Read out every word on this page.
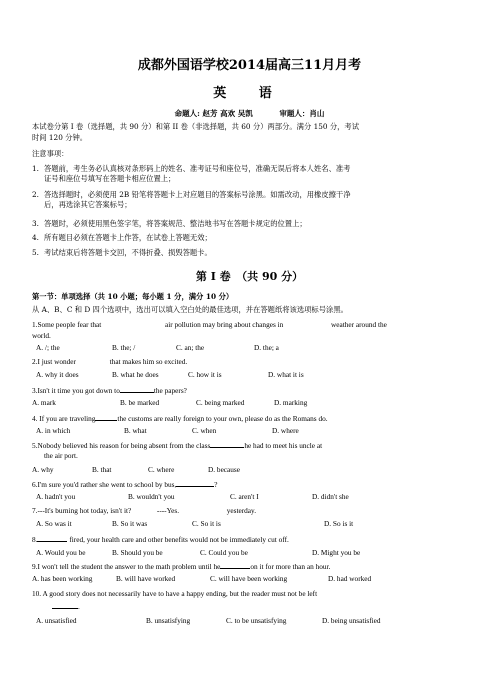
成都外国语学校2014届高三11月月考
英 语
命题人: 赵芳 高欢 吴凯	审题人：肖山
本试卷分第 I 卷（选择题，共 90 分）和第 II 卷（非选择题，共 60 分）两部分。满分 150 分，考试
时间 120 分钟。
注意事项：
1. 答题前，考生务必认真核对条形码上的姓名、准考证号和座位号，准确无误后将本人姓名、准考
证号和座位号填写在答题卡相应位置上；
2. 答选择题时，必须使用 2B 铅笔将答题卡上对应题目的答案标号涂黑。如需改动，用橡皮擦干净
后，再选涂其它答案标号；
3. 答题时，必须使用黑色签字笔，将答案规范、整洁地书写在答题卡规定的位置上；
4. 所有题目必须在答题卡上作答，在试卷上答题无效；
5. 考试结束后将答题卡交回，不得折叠、损毁答题卡。
第 I 卷　（共 90 分）
第一节：单项选择（共 10 小题；每小题 1 分，满分 10 分）
从 A、B、C 和 D 四个选项中，选出可以填入空白处的最佳选项，并在答题纸将该选项标号涂黑。
1.Some people fear that	air pollution may bring about changes in	weather around the
world.
A. /; the	B. the; /	C. an; the	D. the; a
2.I just wonder	that makes him so excited.
A. why it does	B. what he does	C. how it is	D. what it is
3.Isn't it time you got down to	the papers?
A. mark	B. be marked	C. being marked	D. marking
4. If you are traveling	the customs are really foreign to your own, please do as the Romans do.
A. in which	B. what	C. when	D. where
5.Nobody believed his reason for being absent from the class	he had to meet his uncle at
the air port.
A. why	B. that	C. where	D. because
6.I'm sure you'd rather she went to school by bus,	?
A. hadn't you	B. wouldn't you	C. aren't I	D. didn't she
7.---It's burning hot today, isn't it?	----Yes.	yesterday.
A. So was it	B. So it was	C. So it is	D. So is it
8.	fired, your health care and other benefits would not be immediately cut off.
A. Would you be	B. Should you be	C. Could you be	D. Might you be
9.I won't tell the student the answer to the math problem until he	on it for more than an hour.
A. has been working	B. will have worked	C. will have been working	D. had worked
10. A good story does not necessarily have to have a happy ending, but the reader must not be left
.
A. unsatisfied	B. unsatisfying	C. to be unsatisfying	D. being unsatisfied
